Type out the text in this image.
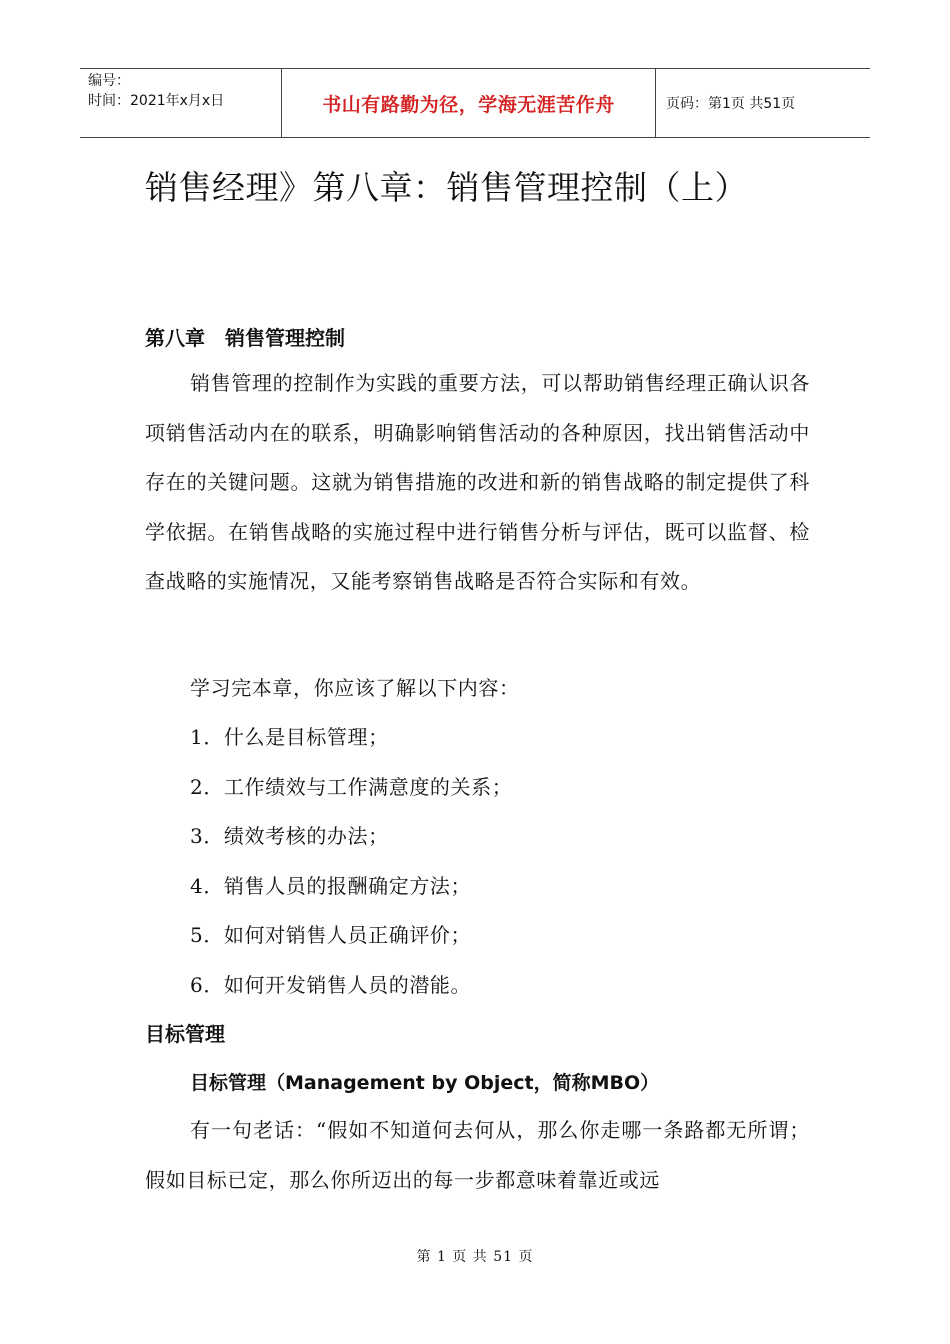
编号：
时间：2021年x月x日	书山有路勤为径，学海无涯苦作舟	页码：第1页 共51页
销售经理》第八章：销售管理控制（上）
第八章　销售管理控制
销售管理的控制作为实践的重要方法，可以帮助销售经理正确认识各项销售活动内在的联系，明确影响销售活动的各种原因，找出销售活动中存在的关键问题。这就为销售措施的改进和新的销售战略的制定提供了科学依据。在销售战略的实施过程中进行销售分析与评估，既可以监督、检查战略的实施情况，又能考察销售战略是否符合实际和有效。
学习完本章，你应该了解以下内容：
1．什么是目标管理；
2．工作绩效与工作满意度的关系；
3．绩效考核的办法；
4．销售人员的报酬确定方法；
5．如何对销售人员正确评价；
6．如何开发销售人员的潜能。
目标管理
目标管理（Management by Object，简称MBO）
有一句老话：“假如不知道何去何从，那么你走哪一条路都无所谓；假如目标已定，那么你所迈出的每一步都意味着靠近或远
第 1 页 共 51 页
